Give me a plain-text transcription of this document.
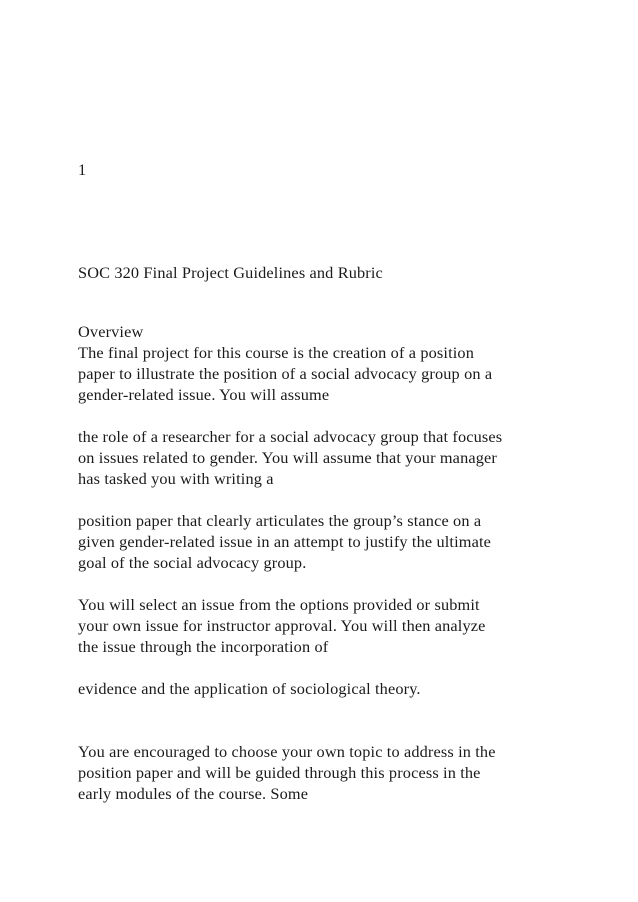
1
SOC 320 Final Project Guidelines and Rubric
Overview
The final project for this course is the creation of a position
paper to illustrate the position of a social advocacy group on a
gender-related issue. You will assume
the role of a researcher for a social advocacy group that focuses
on issues related to gender. You will assume that your manager
has tasked you with writing a
position paper that clearly articulates the group’s stance on a
given gender-related issue in an attempt to justify the ultimate
goal of the social advocacy group.
You will select an issue from the options provided or submit
your own issue for instructor approval. You will then analyze
the issue through the incorporation of
evidence and the application of sociological theory.
You are encouraged to choose your own topic to address in the
position paper and will be guided through this process in the
early modules of the course. Some
